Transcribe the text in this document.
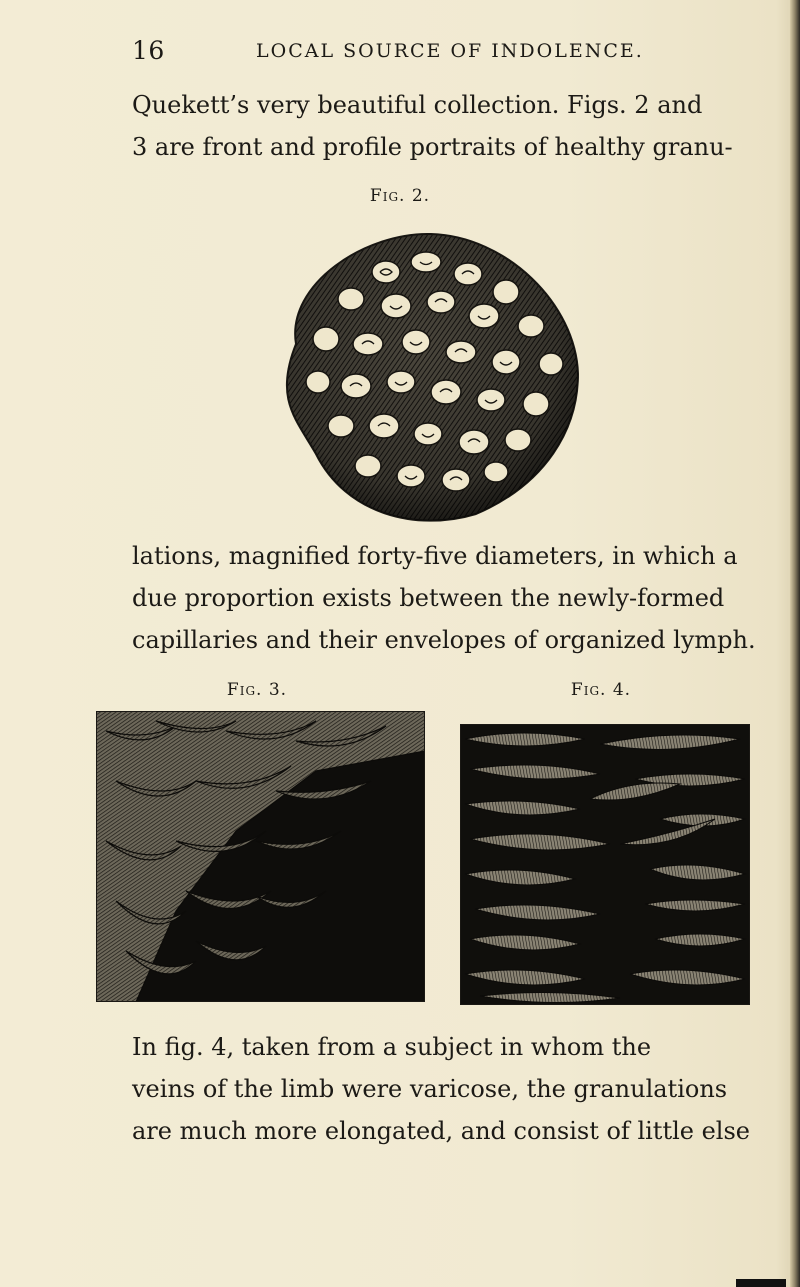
16	LOCAL SOURCE OF INDOLENCE.

Quekett’s very beautiful collection. Figs. 2 and
3 are front and profile portraits of healthy granu-

Fig. 2.

lations, magnified forty-five diameters, in which a
due proportion exists between the newly-formed
capillaries and their envelopes of organized lymph.

Fig. 3.	Fig. 4.

In fig. 4, taken from a subject in whom the
veins of the limb were varicose, the granulations
are much more elongated, and consist of little else
